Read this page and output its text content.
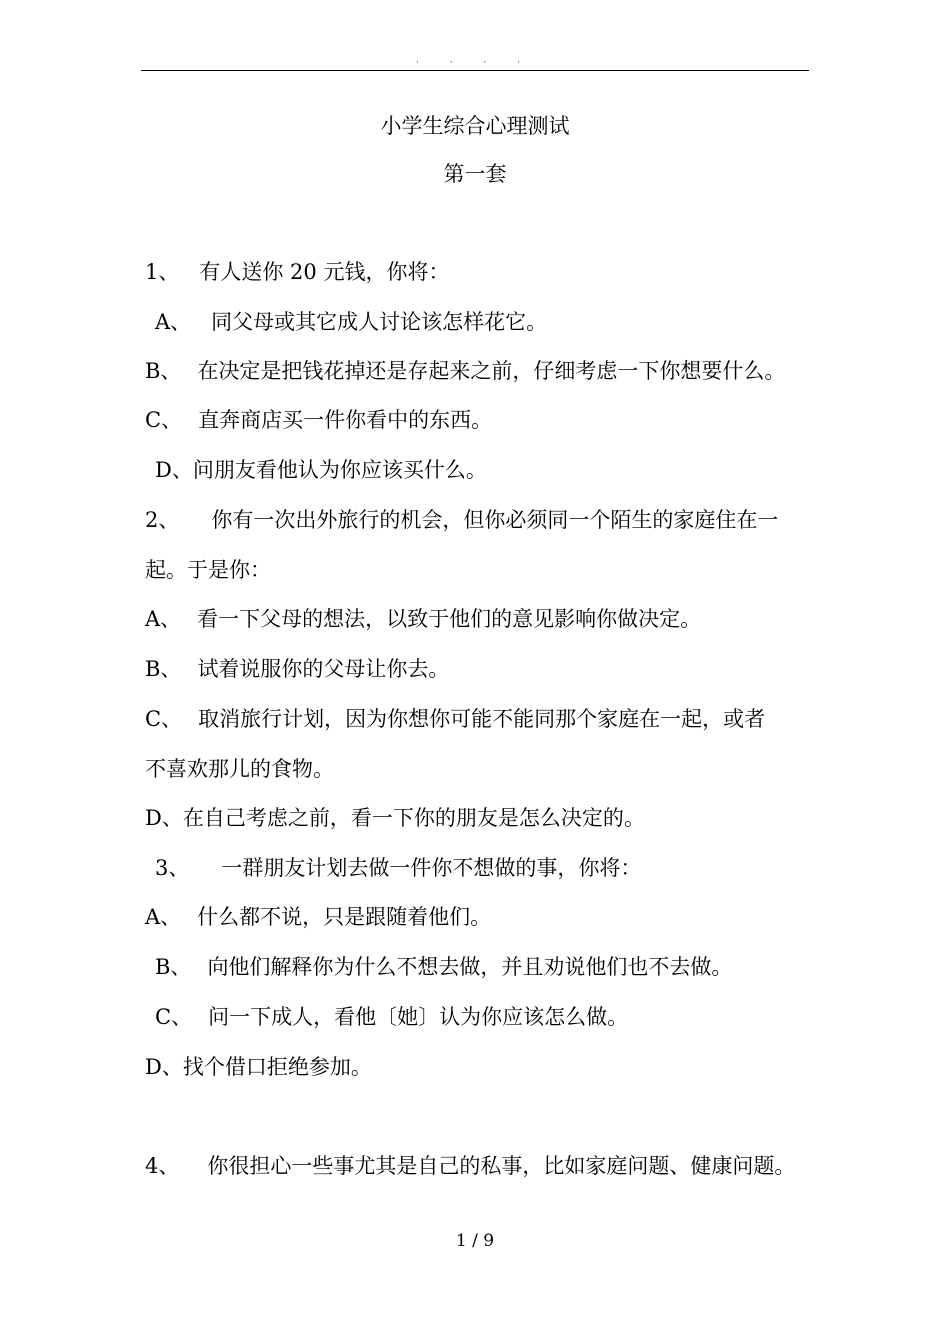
· · · ·
小学生综合心理测试
第一套
1、 有人送你 20 元钱，你将：
A、 同父母或其它成人讨论该怎样花它。
B、 在决定是把钱花掉还是存起来之前，仔细考虑一下你想要什么。
C、 直奔商店买一件你看中的东西。
D、问朋友看他认为你应该买什么。
2、 你有一次出外旅行的机会，但你必须同一个陌生的家庭住在一
起。于是你：
A、 看一下父母的想法，以致于他们的意见影响你做决定。
B、 试着说服你的父母让你去。
C、 取消旅行计划，因为你想你可能不能同那个家庭在一起，或者
不喜欢那儿的食物。
D、在自己考虑之前，看一下你的朋友是怎么决定的。
3、 一群朋友计划去做一件你不想做的事，你将：
A、 什么都不说，只是跟随着他们。
B、 向他们解释你为什么不想去做，并且劝说他们也不去做。
C、 问一下成人，看他〔她〕认为你应该怎么做。
D、找个借口拒绝参加。
4、 你很担心一些事尤其是自己的私事，比如家庭问题、健康问题。
1 / 9
